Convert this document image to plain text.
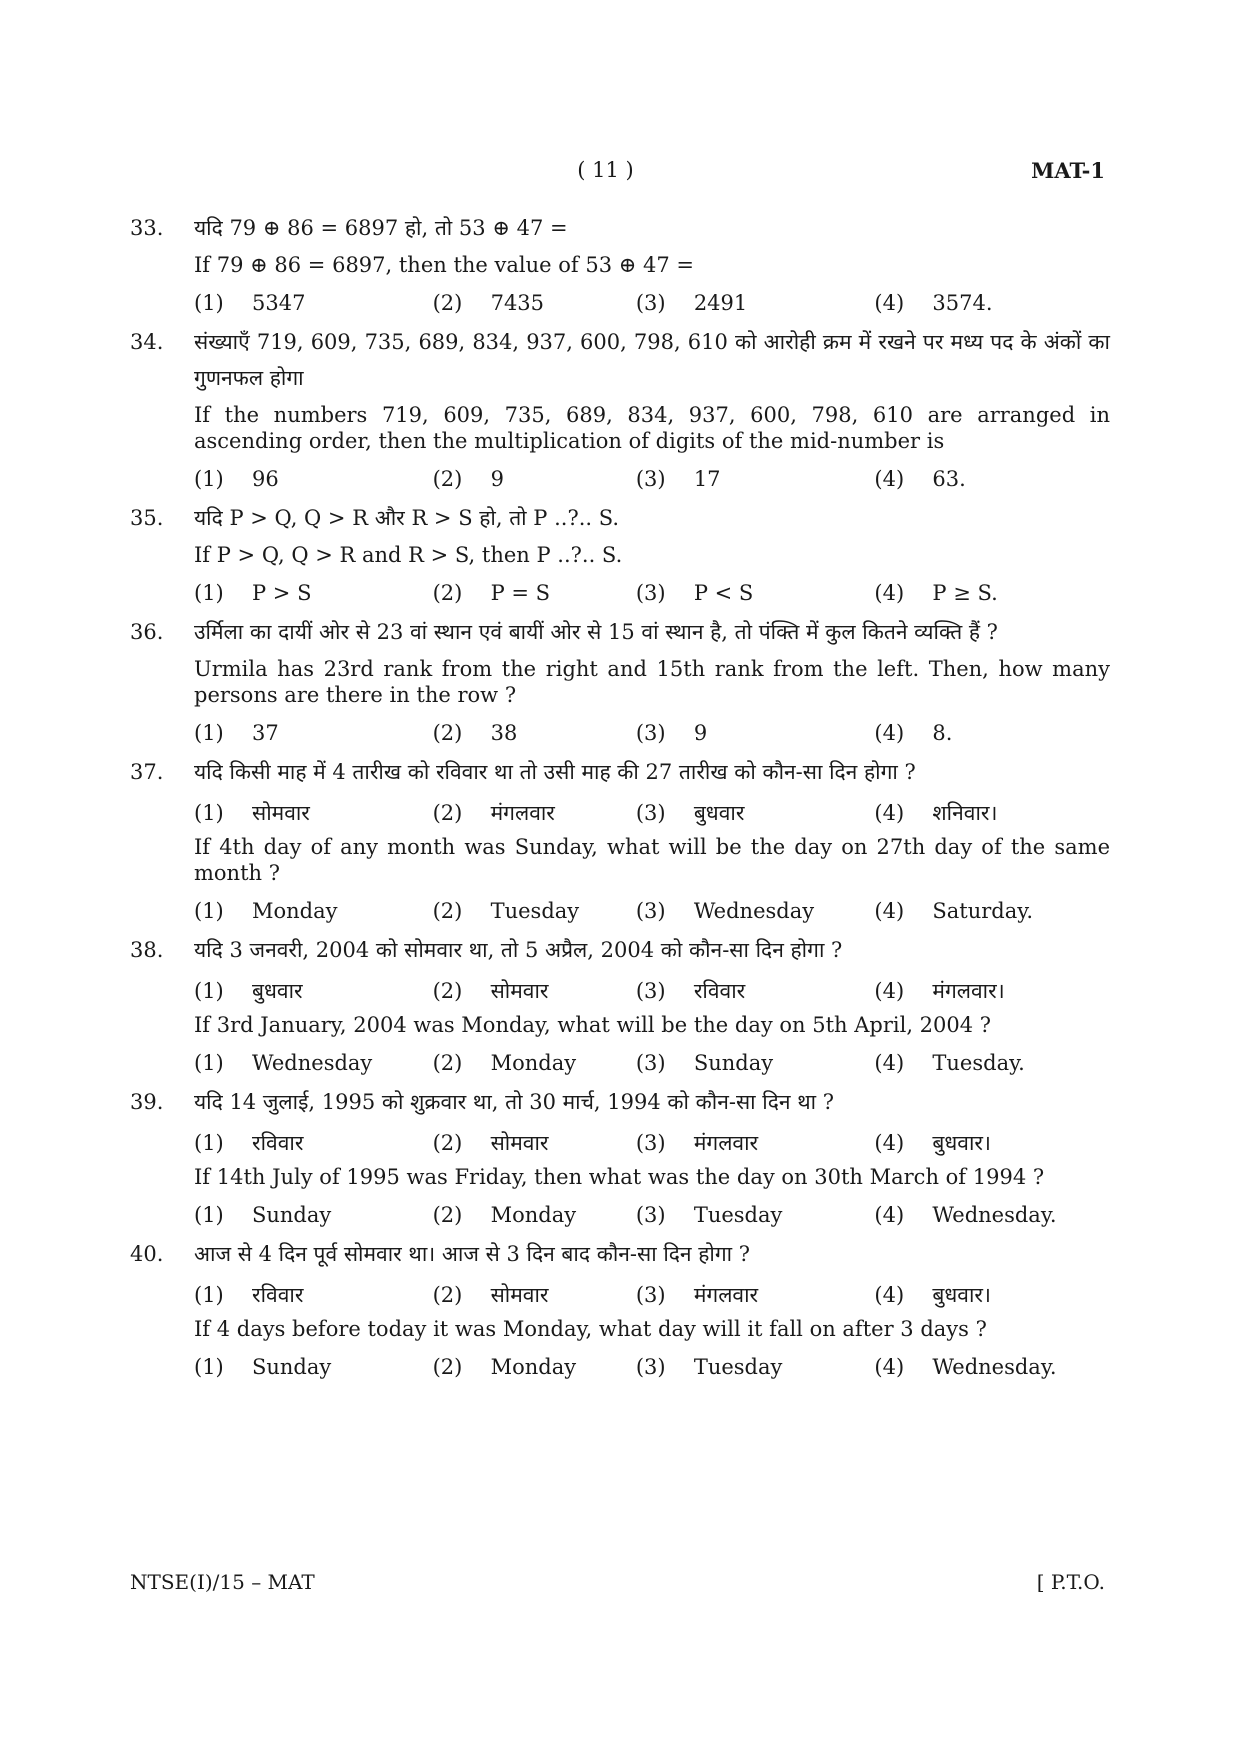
( 11 )	MAT-1
33. यदि 79 ⊕ 86 = 6897 हो, तो 53 ⊕ 47 =
If 79 ⊕ 86 = 6897, then the value of 53 ⊕ 47 =
(1)	5347	(2)	7435	(3)	2491	(4)	3574.
34. संख्याएँ 719, 609, 735, 689, 834, 937, 600, 798, 610 को आरोही क्रम में रखने पर मध्य पद के अंकों का गुणनफल होगा
If the numbers 719, 609, 735, 689, 834, 937, 600, 798, 610 are arranged in ascending order, then the multiplication of digits of the mid-number is
(1)	96	(2)	9	(3)	17	(4)	63.
35. यदि P > Q, Q > R और R > S हो, तो P ..?.. S.
If P > Q, Q > R and R > S, then P ..?.. S.
(1)	P > S	(2)	P = S	(3)	P < S	(4)	P ≥ S.
36. उर्मिला का दायीं ओर से 23 वां स्थान एवं बायीं ओर से 15 वां स्थान है, तो पंक्ति में कुल कितने व्यक्ति हैं ?
Urmila has 23rd rank from the right and 15th rank from the left. Then, how many persons are there in the row ?
(1)	37	(2)	38	(3)	9	(4)	8.
37. यदि किसी माह में 4 तारीख को रविवार था तो उसी माह की 27 तारीख को कौन-सा दिन होगा ?
(1)	सोमवार	(2)	मंगलवार	(3)	बुधवार	(4)	शनिवार।
If 4th day of any month was Sunday, what will be the day on 27th day of the same month ?
(1)	Monday	(2)	Tuesday	(3)	Wednesday	(4)	Saturday.
38. यदि 3 जनवरी, 2004 को सोमवार था, तो 5 अप्रैल, 2004 को कौन-सा दिन होगा ?
(1)	बुधवार	(2)	सोमवार	(3)	रविवार	(4)	मंगलवार।
If 3rd January, 2004 was Monday, what will be the day on 5th April, 2004 ?
(1)	Wednesday	(2)	Monday	(3)	Sunday	(4)	Tuesday.
39. यदि 14 जुलाई, 1995 को शुक्रवार था, तो 30 मार्च, 1994 को कौन-सा दिन था ?
(1)	रविवार	(2)	सोमवार	(3)	मंगलवार	(4)	बुधवार।
If 14th July of 1995 was Friday, then what was the day on 30th March of 1994 ?
(1)	Sunday	(2)	Monday	(3)	Tuesday	(4)	Wednesday.
40. आज से 4 दिन पूर्व सोमवार था। आज से 3 दिन बाद कौन-सा दिन होगा ?
(1)	रविवार	(2)	सोमवार	(3)	मंगलवार	(4)	बुधवार।
If 4 days before today it was Monday, what day will it fall on after 3 days ?
(1)	Sunday	(2)	Monday	(3)	Tuesday	(4)	Wednesday.
NTSE(I)/15 – MAT	[ P.T.O.
